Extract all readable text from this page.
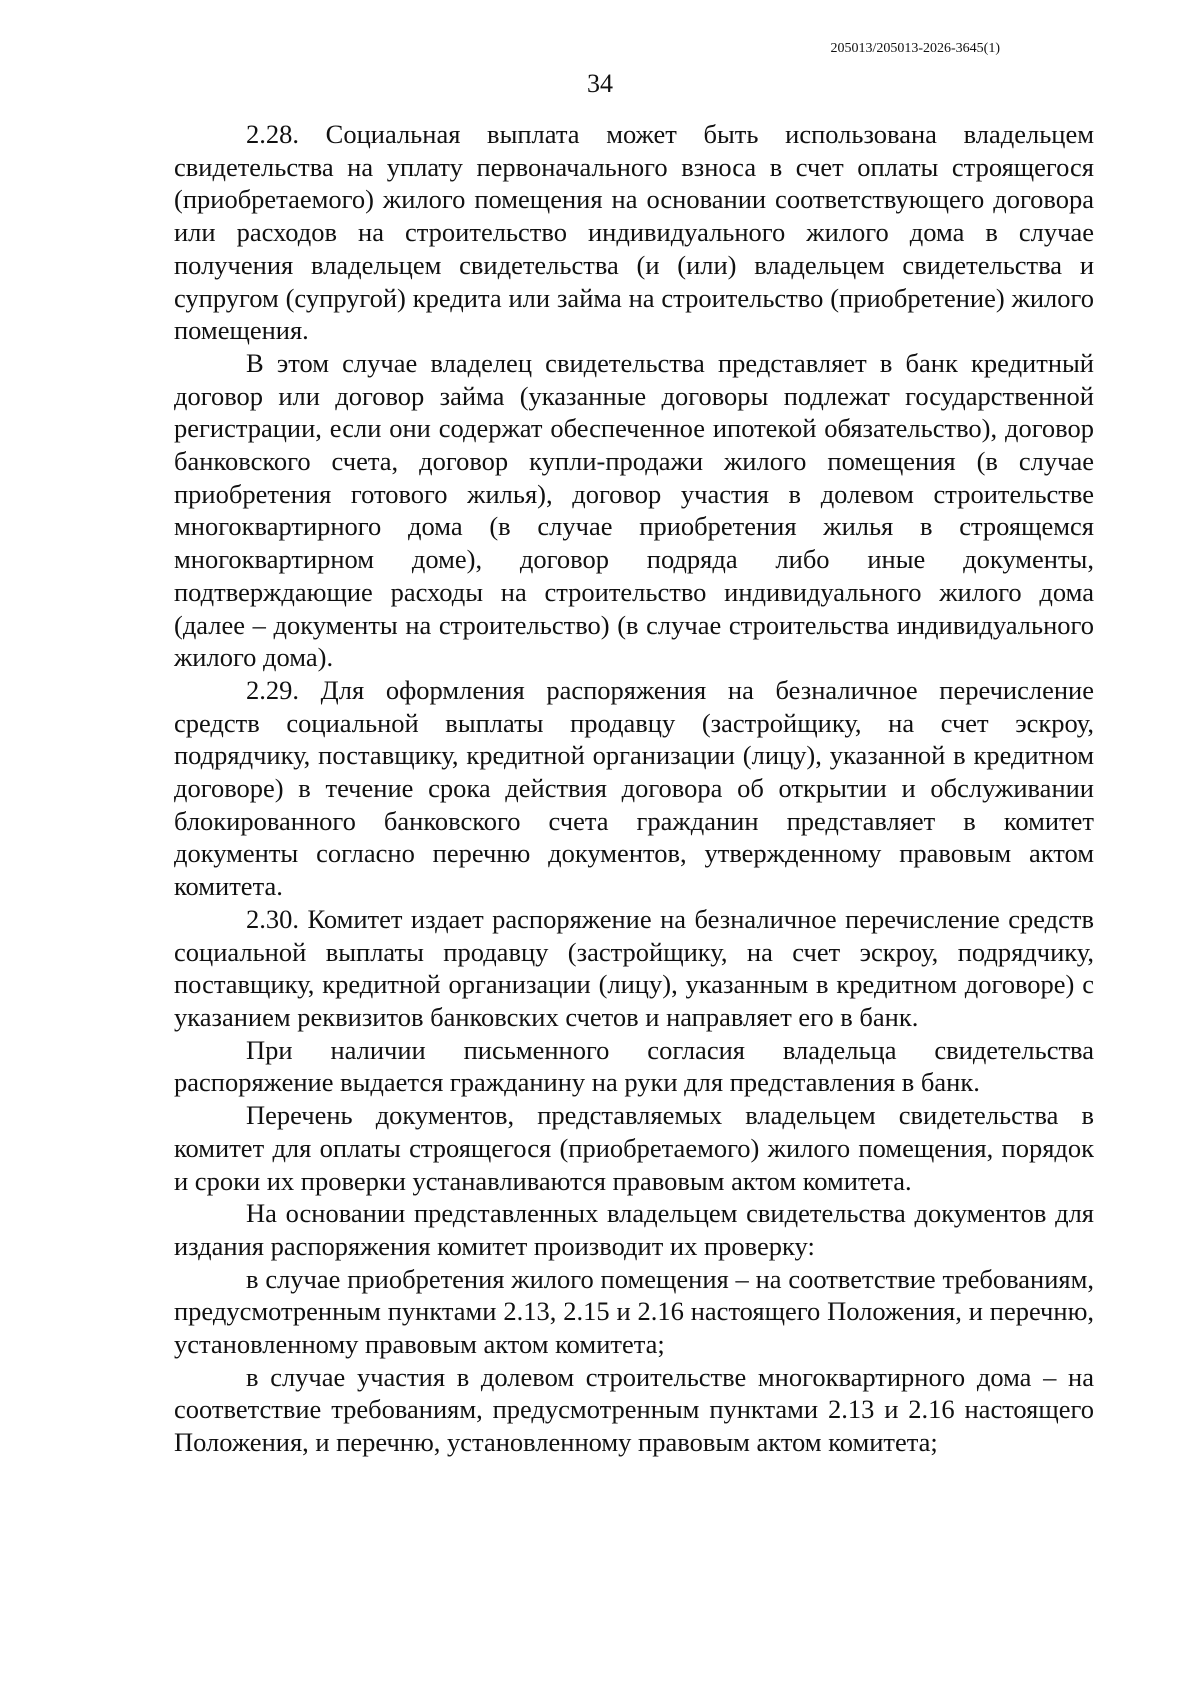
205013/205013-2026-3645(1)
34

2.28. Социальная выплата может быть использована владельцем свидетельства на уплату первоначального взноса в счет оплаты строящегося (приобретаемого) жилого помещения на основании соответствующего договора или расходов на строительство индивидуального жилого дома в случае получения владельцем свидетельства (и (или) владельцем свидетельства и супругом (супругой) кредита или займа на строительство (приобретение) жилого помещения.

В этом случае владелец свидетельства представляет в банк кредитный договор или договор займа (указанные договоры подлежат государственной регистрации, если они содержат обеспеченное ипотекой обязательство), договор банковского счета, договор купли-продажи жилого помещения (в случае приобретения готового жилья), договор участия в долевом строительстве многоквартирного дома (в случае приобретения жилья в строящемся многоквартирном доме), договор подряда либо иные документы, подтверждающие расходы на строительство индивидуального жилого дома (далее – документы на строительство) (в случае строительства индивидуального жилого дома).

2.29. Для оформления распоряжения на безналичное перечисление средств социальной выплаты продавцу (застройщику, на счет эскроу, подрядчику, поставщику, кредитной организации (лицу), указанной в кредитном договоре) в течение срока действия договора об открытии и обслуживании блокированного банковского счета гражданин представляет в комитет документы согласно перечню документов, утвержденному правовым актом комитета.

2.30. Комитет издает распоряжение на безналичное перечисление средств социальной выплаты продавцу (застройщику, на счет эскроу, подрядчику, поставщику, кредитной организации (лицу), указанным в кредитном договоре) с указанием реквизитов банковских счетов и направляет его в банк.

При наличии письменного согласия владельца свидетельства распоряжение выдается гражданину на руки для представления в банк.

Перечень документов, представляемых владельцем свидетельства в комитет для оплаты строящегося (приобретаемого) жилого помещения, порядок и сроки их проверки устанавливаются правовым актом комитета.

На основании представленных владельцем свидетельства документов для издания распоряжения комитет производит их проверку:

в случае приобретения жилого помещения – на соответствие требованиям, предусмотренным пунктами 2.13, 2.15 и 2.16 настоящего Положения, и перечню, установленному правовым актом комитета;

в случае участия в долевом строительстве многоквартирного дома – на соответствие требованиям, предусмотренным пунктами 2.13 и 2.16 настоящего Положения, и перечню, установленному правовым актом комитета;
